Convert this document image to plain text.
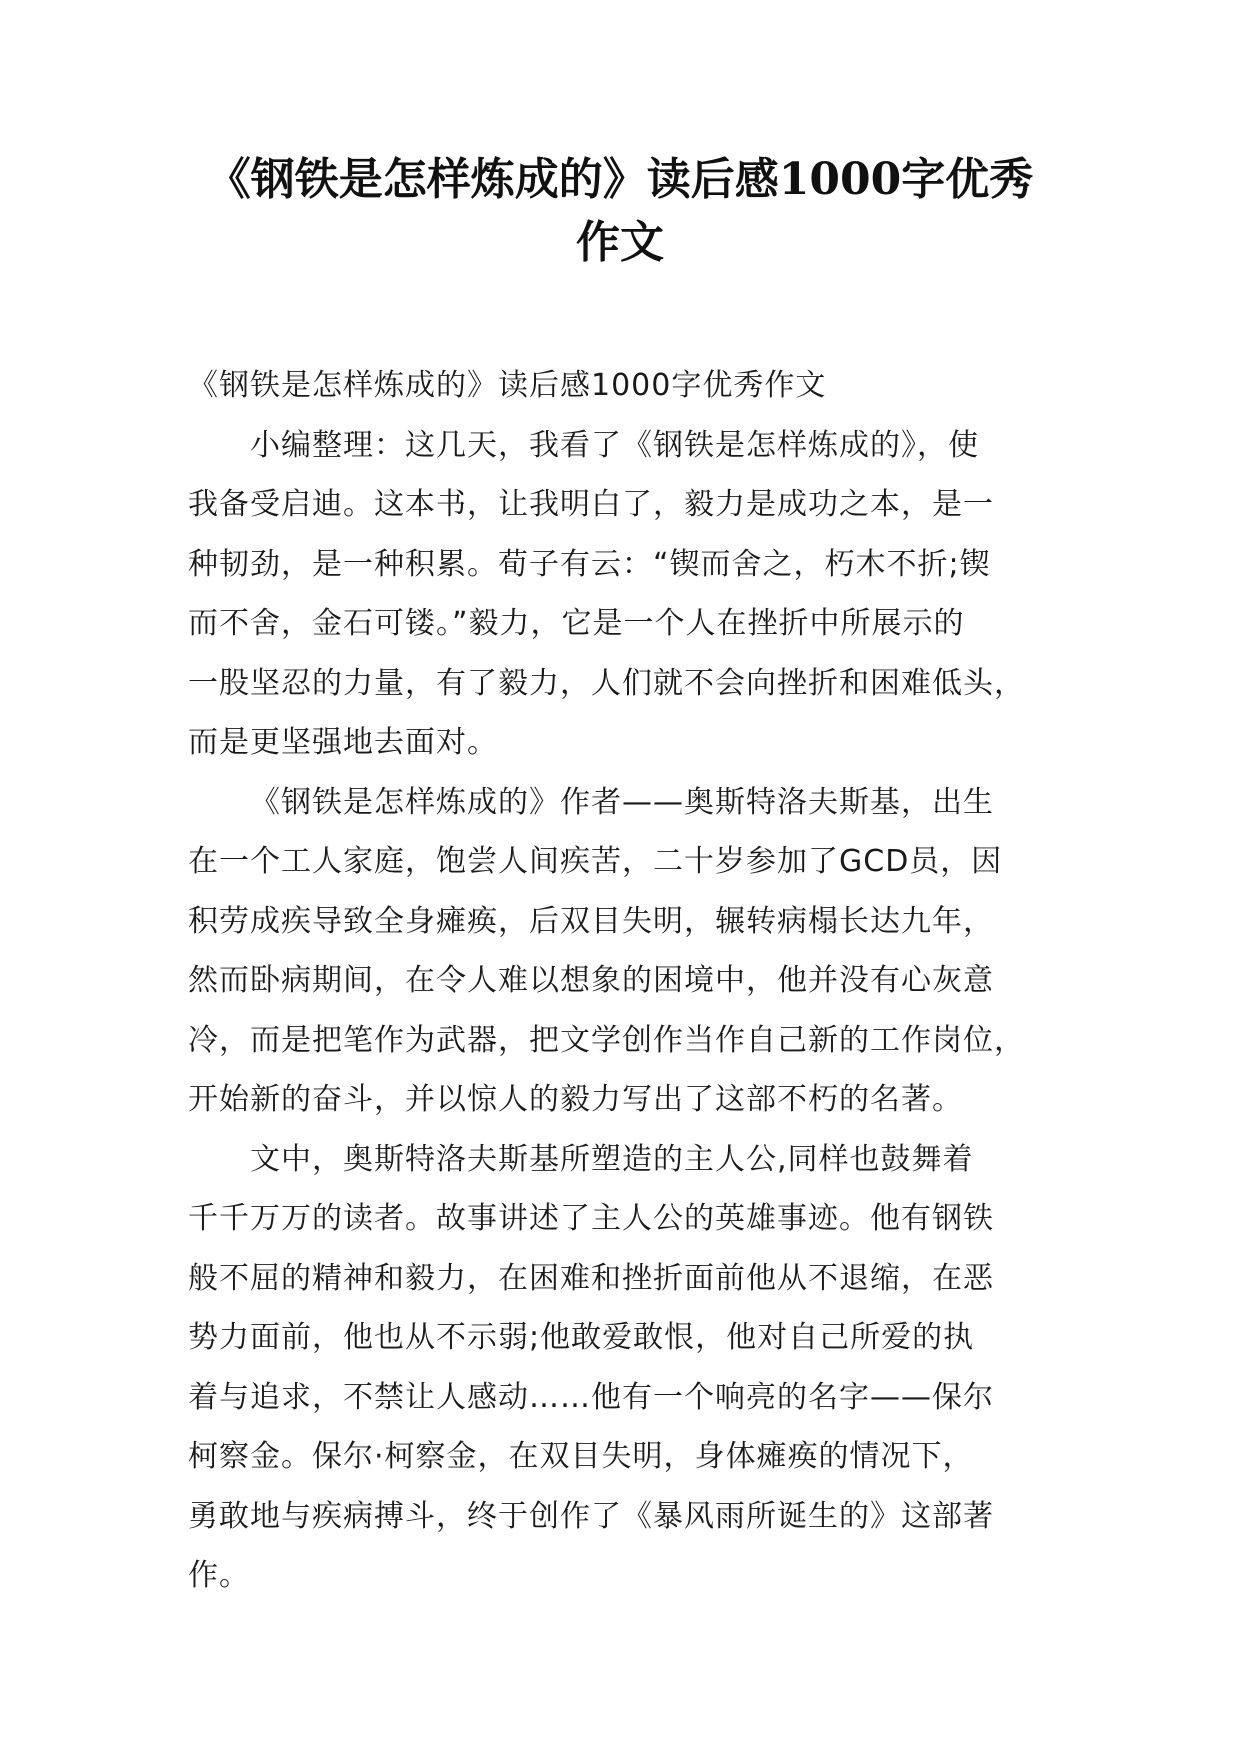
《钢铁是怎样炼成的》读后感1000字优秀
作文
《钢铁是怎样炼成的》读后感1000字优秀作文
小编整理：这几天，我看了《钢铁是怎样炼成的》，使
我备受启迪。这本书，让我明白了，毅力是成功之本，是一
种韧劲，是一种积累。荀子有云：“锲而舍之，朽木不折;锲
而不舍，金石可镂。”毅力，它是一个人在挫折中所展示的
一股坚忍的力量，有了毅力，人们就不会向挫折和困难低头，
而是更坚强地去面对。
《钢铁是怎样炼成的》作者——奥斯特洛夫斯基，出生
在一个工人家庭，饱尝人间疾苦，二十岁参加了GCD员，因
积劳成疾导致全身瘫痪，后双目失明，辗转病榻长达九年，
然而卧病期间，在令人难以想象的困境中，他并没有心灰意
冷，而是把笔作为武器，把文学创作当作自己新的工作岗位，
开始新的奋斗，并以惊人的毅力写出了这部不朽的名著。
文中，奥斯特洛夫斯基所塑造的主人公,同样也鼓舞着
千千万万的读者。故事讲述了主人公的英雄事迹。他有钢铁
般不屈的精神和毅力，在困难和挫折面前他从不退缩，在恶
势力面前，他也从不示弱;他敢爱敢恨，他对自己所爱的执
着与追求，不禁让人感动……他有一个响亮的名字——保尔
柯察金。保尔·柯察金，在双目失明，身体瘫痪的情况下，
勇敢地与疾病搏斗，终于创作了《暴风雨所诞生的》这部著
作。
